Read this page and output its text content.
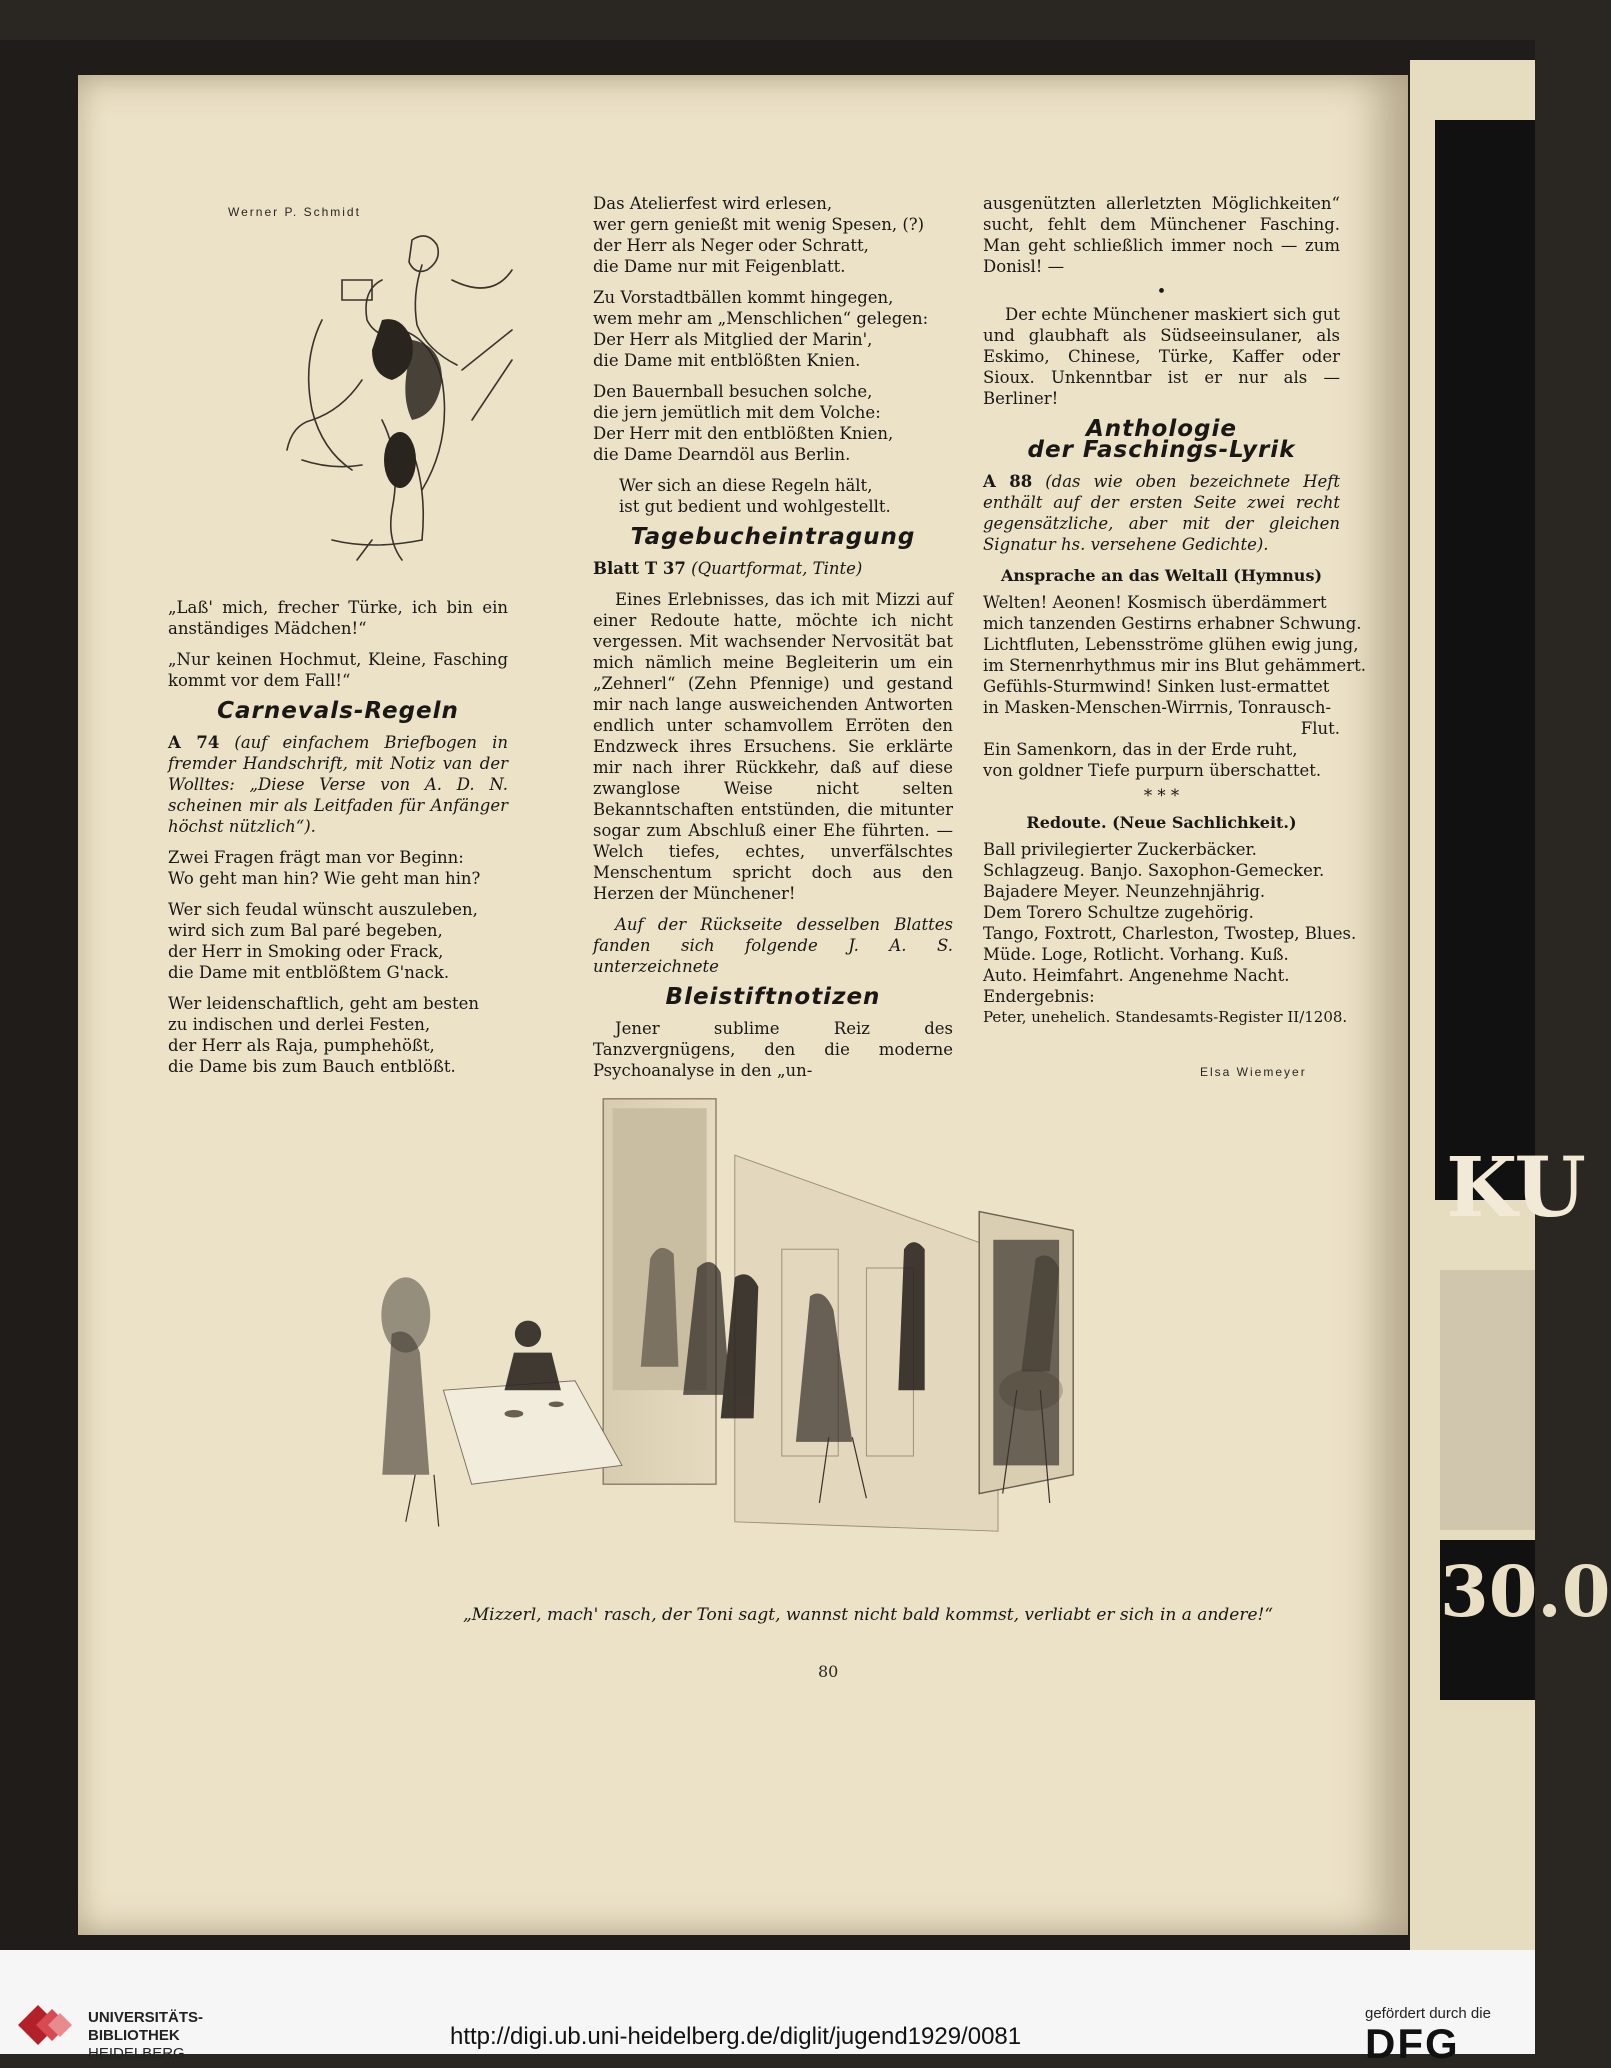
KU
30.0
Werner P. Schmidt

„Laß' mich, frecher Türke, ich bin ein anständiges Mädchen!“

„Nur keinen Hochmut, Kleine, Fasching kommt vor dem Fall!“

Carnevals-Regeln

A 74 (auf einfachem Briefbogen in fremder Handschrift, mit Notiz van der Wolltes: „Diese Verse von A. D. N. scheinen mir als Leitfaden für Anfänger höchst nützlich“).

Zwei Fragen frägt man vor Beginn:
Wo geht man hin? Wie geht man hin?

Wer sich feudal wünscht auszuleben,
wird sich zum Bal paré begeben,
der Herr in Smoking oder Frack,
die Dame mit entblößtem G'nack.

Wer leidenschaftlich, geht am besten
zu indischen und derlei Festen,
der Herr als Raja, pumphehößt,
die Dame bis zum Bauch entblößt.

Das Atelierfest wird erlesen,
wer gern genießt mit wenig Spesen, (?)
der Herr als Neger oder Schratt,
die Dame nur mit Feigenblatt.

Zu Vorstadtbällen kommt hingegen,
wem mehr am „Menschlichen“ gelegen:
Der Herr als Mitglied der Marin',
die Dame mit entblößten Knien.

Den Bauernball besuchen solche,
die jern jemütlich mit dem Volche:
Der Herr mit den entblößten Knien,
die Dame Dearndöl aus Berlin.

Wer sich an diese Regeln hält,
ist gut bedient und wohlgestellt.

Tagebucheintragung

Blatt T 37 (Quartformat, Tinte)

Eines Erlebnisses, das ich mit Mizzi auf einer Redoute hatte, möchte ich nicht vergessen. Mit wachsender Nervosität bat mich nämlich meine Begleiterin um ein „Zehnerl“ (Zehn Pfennige) und gestand mir nach lange ausweichenden Antworten endlich unter schamvollem Erröten den Endzweck ihres Ersuchens. Sie erklärte mir nach ihrer Rückkehr, daß auf diese zwanglose Weise nicht selten Bekanntschaften entstünden, die mitunter sogar zum Abschluß einer Ehe führten. — Welch tiefes, echtes, unverfälschtes Menschentum spricht doch aus den Herzen der Münchener!

Auf der Rückseite desselben Blattes fanden sich folgende J. A. S. unterzeichnete

Bleistiftnotizen

Jener sublime Reiz des Tanzvergnügens, den die moderne Psychoanalyse in den „un-

ausgenützten allerletzten Möglichkeiten“ sucht, fehlt dem Münchener Fasching. Man geht schließlich immer noch — zum Donisl! —

•

Der echte Münchener maskiert sich gut und glaubhaft als Südseeinsulaner, als Eskimo, Chinese, Türke, Kaffer oder Sioux. Unkenntbar ist er nur als — Berliner!

Anthologie
der Faschings-Lyrik

A 88 (das wie oben bezeichnete Heft enthält auf der ersten Seite zwei recht gegensätzliche, aber mit der gleichen Signatur hs. versehene Gedichte).

Ansprache an das Weltall (Hymnus)

Welten! Aeonen! Kosmisch überdämmert
mich tanzenden Gestirns erhabner Schwung.
Lichtfluten, Lebensströme glühen ewig jung,
im Sternenrhythmus mir ins Blut gehämmert.
Gefühls-Sturmwind! Sinken lust-ermattet
in Masken-Menschen-Wirrnis, Tonrausch-
Flut.
Ein Samenkorn, das in der Erde ruht,
von goldner Tiefe purpurn überschattet.

* * *
Redoute. (Neue Sachlichkeit.)

Ball privilegierter Zuckerbäcker.
Schlagzeug. Banjo. Saxophon-Gemecker.
Bajadere Meyer. Neunzehnjährig.
Dem Torero Schultze zugehörig.
Tango, Foxtrott, Charleston, Twostep, Blues.
Müde. Loge, Rotlicht. Vorhang. Kuß.
Auto. Heimfahrt. Angenehme Nacht.
Endergebnis:
Peter, unehelich. Standesamts-Register II/1208.

Elsa Wiemeyer
„Mizzerl, mach' rasch, der Toni sagt, wannst nicht bald kommst, verliabt er sich in a andere!“
80
UNIVERSITÄTS-
BIBLIOTHEK
HEIDELBERG
http://digi.ub.uni-heidelberg.de/diglit/jugend1929/0081
gefördert durch die
DFG
